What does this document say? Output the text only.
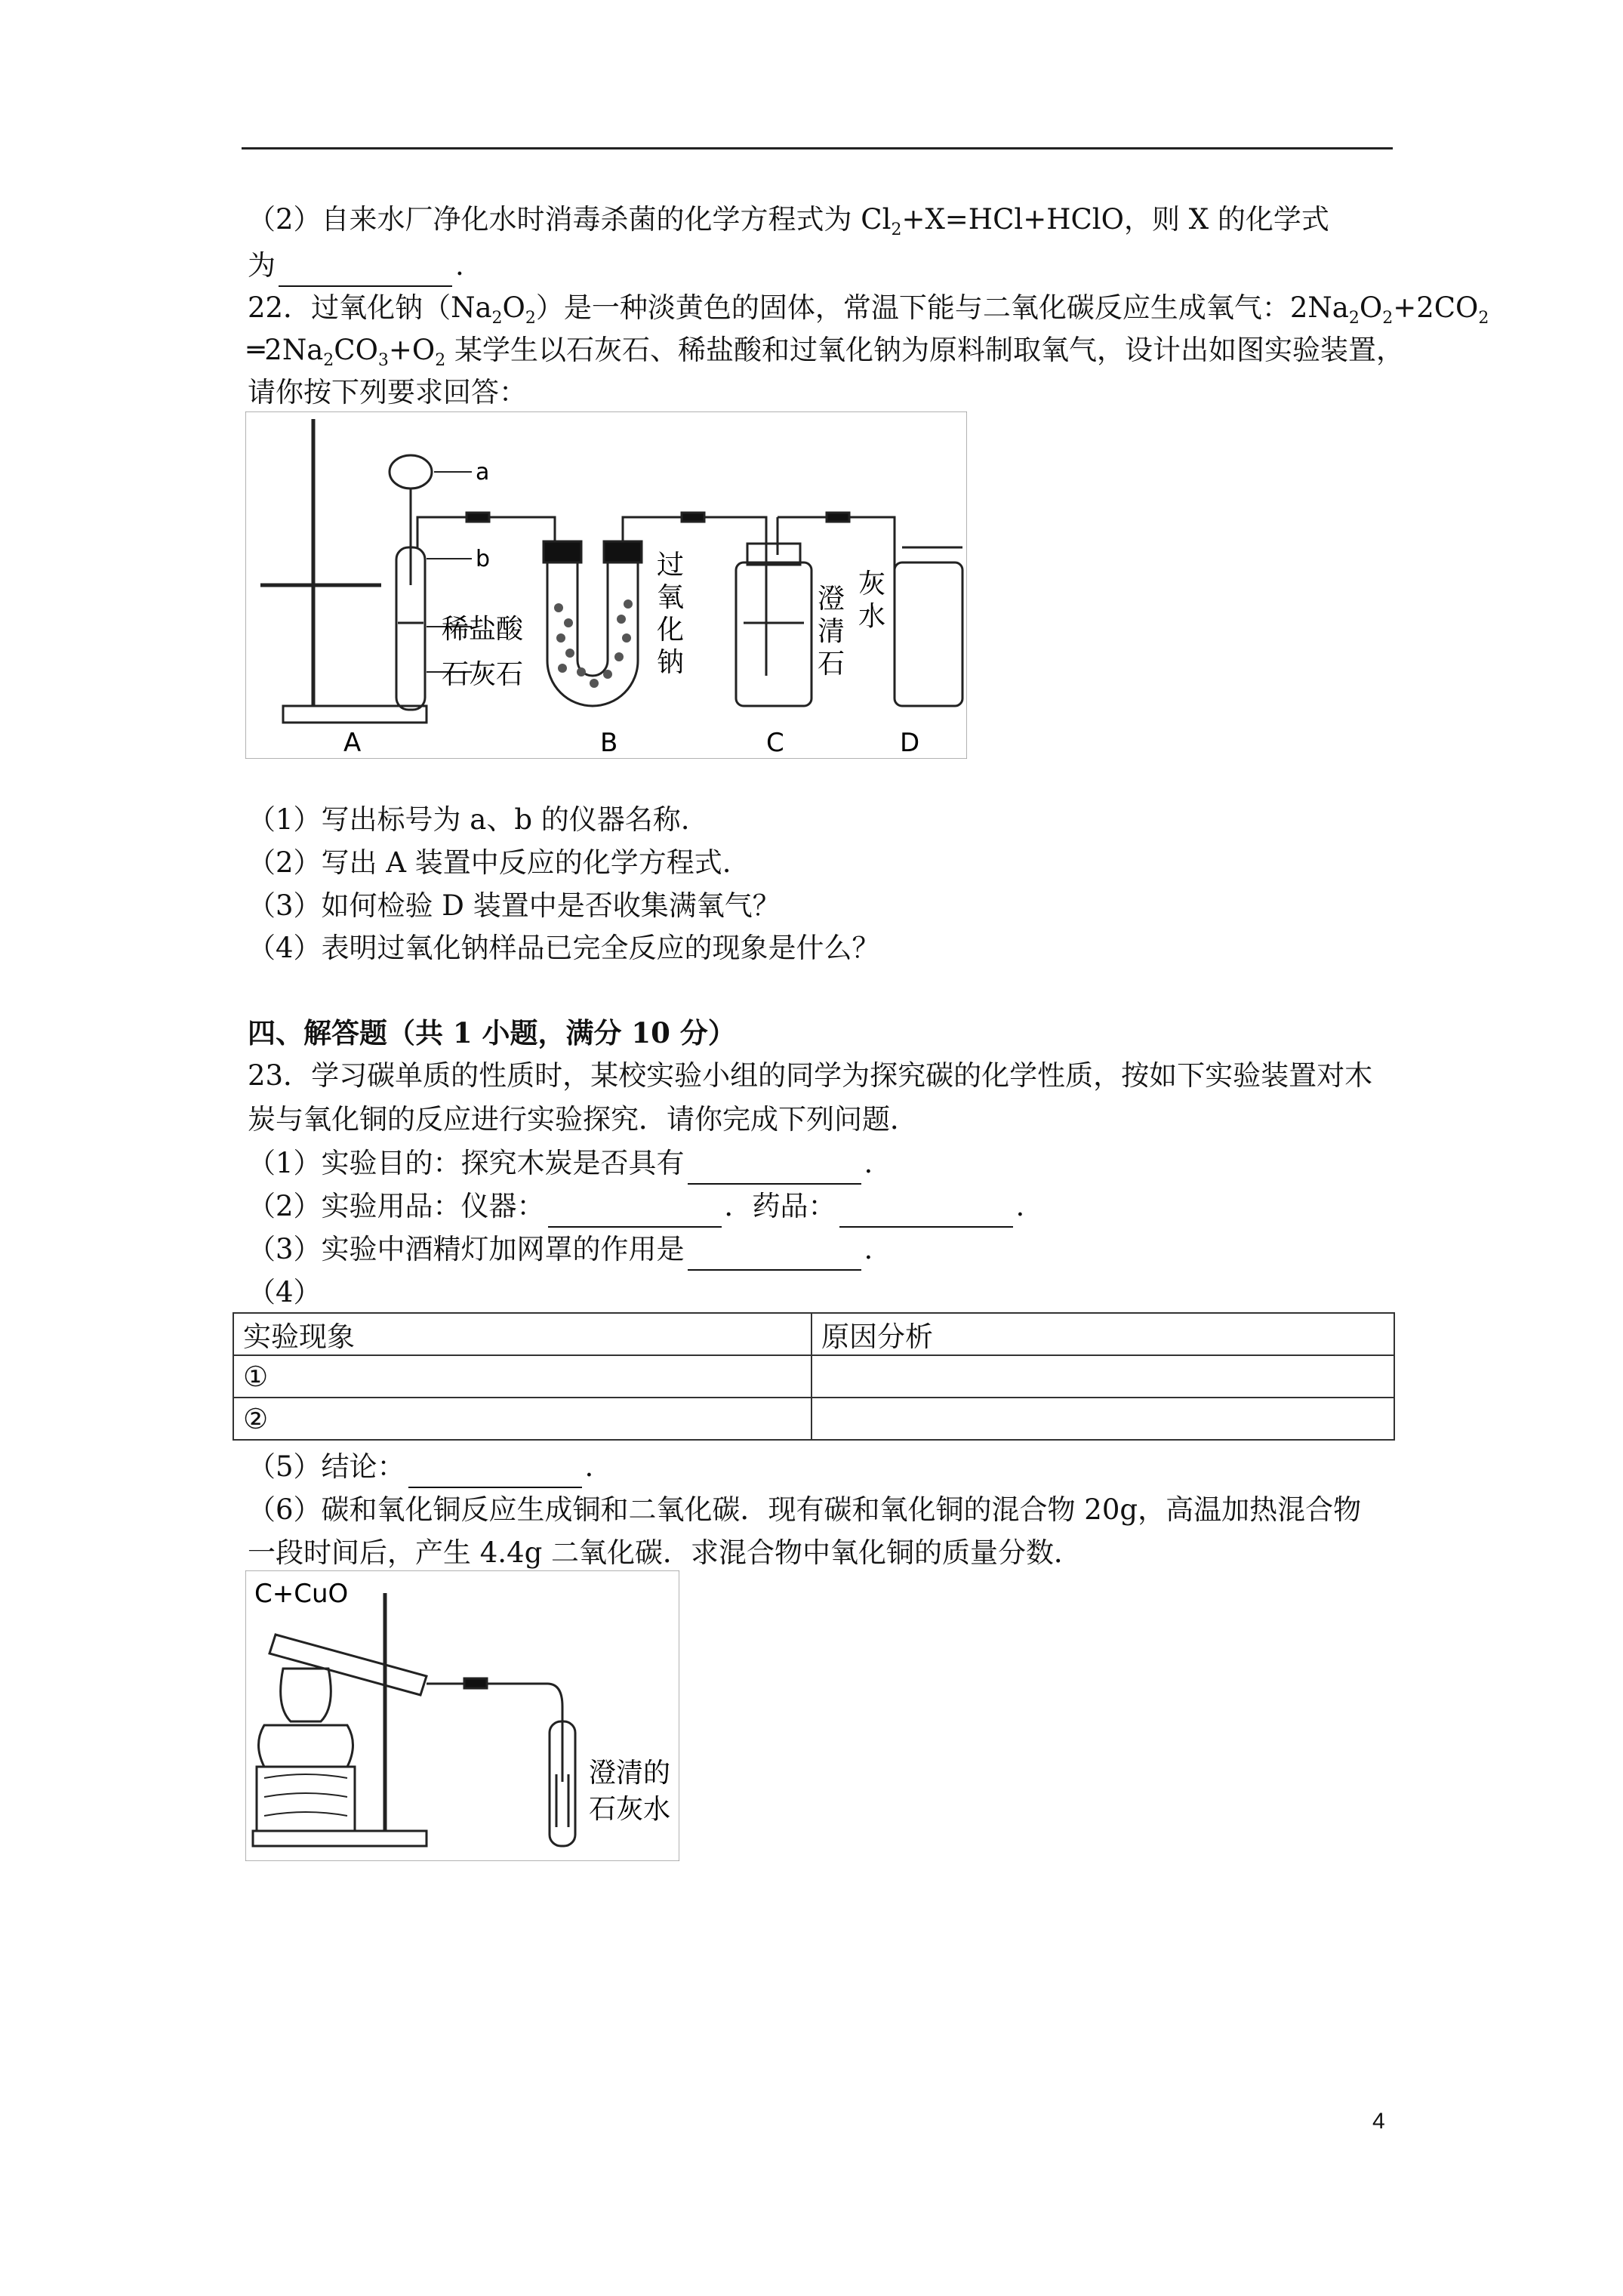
（2）自来水厂净化水时消毒杀菌的化学方程式为 $Cl_2+X=HCl+HClO$，则 X 的化学式
为	.
22．过氧化钠$(Na_2O_2)$是一种淡黄色的固体，常温下能与二氧化碳反应生成氧气：$2Na_2O_2+2CO_2$
$═2Na_2CO_3+O_2$ 某学生以石灰石、稀盐酸和过氧化钠为原料制取氧气，设计出如图实验装置，
请你按下列要求回答：
a
b
稀盐酸
石灰石
过
氧
化
钠
澄
清
石
灰
水
A	B	C	D
（1）写出标号为 a、b 的仪器名称.
（2）写出 A 装置中反应的化学方程式.
（3）如何检验 D 装置中是否收集满氧气？
（4）表明过氧化钠样品已完全反应的现象是什么？
四、解答题（共 1 小题，满分 10 分）
23．学习碳单质的性质时，某校实验小组的同学为探究碳的化学性质，按如下实验装置对木
炭与氧化铜的反应进行实验探究．请你完成下列问题．
（1）实验目的：探究木炭是否具有	.
（2）实验用品：仪器：	．药品：	.
（3）实验中酒精灯加网罩的作用是	.
（4）
实验现象	原因分析
①	
②	
（5）结论：	.
（6）碳和氧化铜反应生成铜和二氧化碳．现有碳和氧化铜的混合物 20g，高温加热混合物
一段时间后，产生 4.4g 二氧化碳．求混合物中氧化铜的质量分数．
C+CuO
澄清的
石灰水
4
